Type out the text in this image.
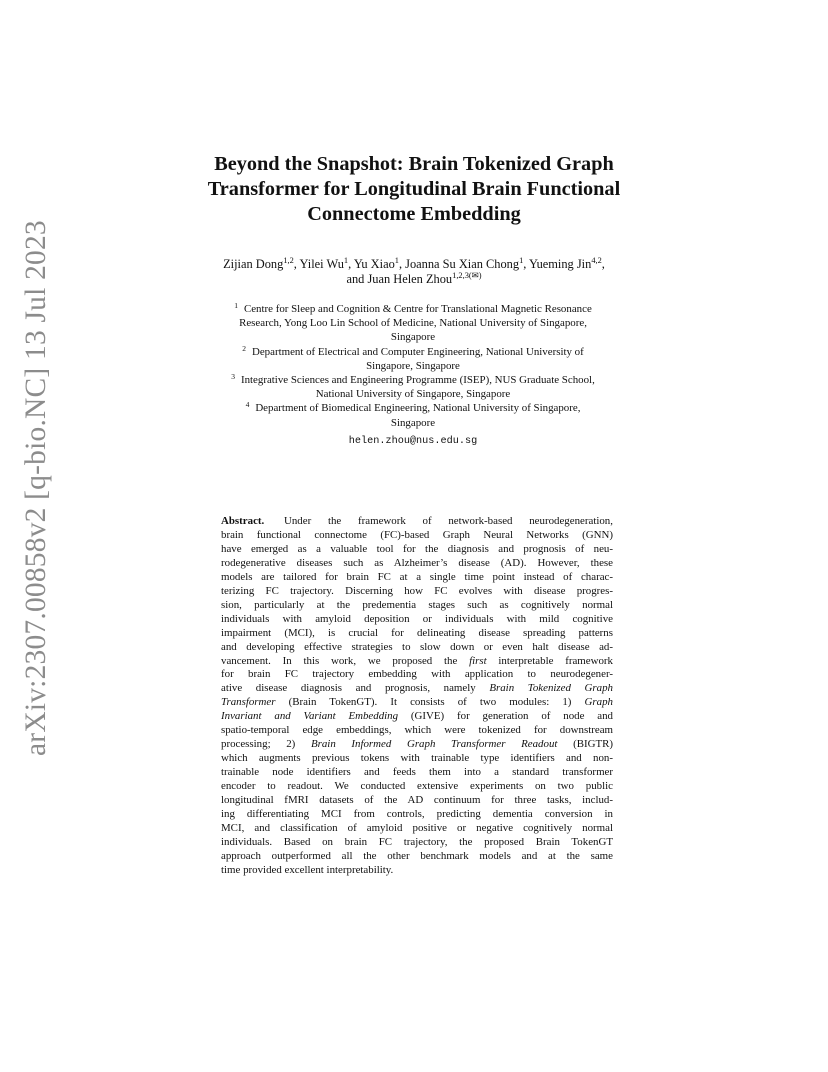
arXiv:2307.00858v2 [q-bio.NC] 13 Jul 2023
Beyond the Snapshot: Brain Tokenized Graph
Transformer for Longitudinal Brain Functional
Connectome Embedding
Zijian Dong$^{1,2}$, Yilei Wu$^1$, Yu Xiao$^1$, Joanna Su Xian Chong$^1$, Yueming Jin$^{4,2}$,
and Juan Helen Zhou$^{1,2,3(✉)}$
$^1$ Centre for Sleep and Cognition & Centre for Translational Magnetic Resonance
Research, Yong Loo Lin School of Medicine, National University of Singapore,
Singapore
$^2$ Department of Electrical and Computer Engineering, National University of
Singapore, Singapore
$^3$ Integrative Sciences and Engineering Programme (ISEP), NUS Graduate School,
National University of Singapore, Singapore
$^4$ Department of Biomedical Engineering, National University of Singapore,
Singapore
helen.zhou@nus.edu.sg
Abstract. Under the framework of network-based neurodegeneration,
brain functional connectome (FC)-based Graph Neural Networks (GNN)
have emerged as a valuable tool for the diagnosis and prognosis of neu-
rodegenerative diseases such as Alzheimer’s disease (AD). However, these
models are tailored for brain FC at a single time point instead of charac-
terizing FC trajectory. Discerning how FC evolves with disease progres-
sion, particularly at the predementia stages such as cognitively normal
individuals with amyloid deposition or individuals with mild cognitive
impairment (MCI), is crucial for delineating disease spreading patterns
and developing effective strategies to slow down or even halt disease ad-
vancement. In this work, we proposed the first interpretable framework
for brain FC trajectory embedding with application to neurodegener-
ative disease diagnosis and prognosis, namely Brain Tokenized Graph
Transformer (Brain TokenGT). It consists of two modules: 1) Graph
Invariant and Variant Embedding (GIVE) for generation of node and
spatio-temporal edge embeddings, which were tokenized for downstream
processing; 2) Brain Informed Graph Transformer Readout (BIGTR)
which augments previous tokens with trainable type identifiers and non-
trainable node identifiers and feeds them into a standard transformer
encoder to readout. We conducted extensive experiments on two public
longitudinal fMRI datasets of the AD continuum for three tasks, includ-
ing differentiating MCI from controls, predicting dementia conversion in
MCI, and classification of amyloid positive or negative cognitively normal
individuals. Based on brain FC trajectory, the proposed Brain TokenGT
approach outperformed all the other benchmark models and at the same
time provided excellent interpretability.
